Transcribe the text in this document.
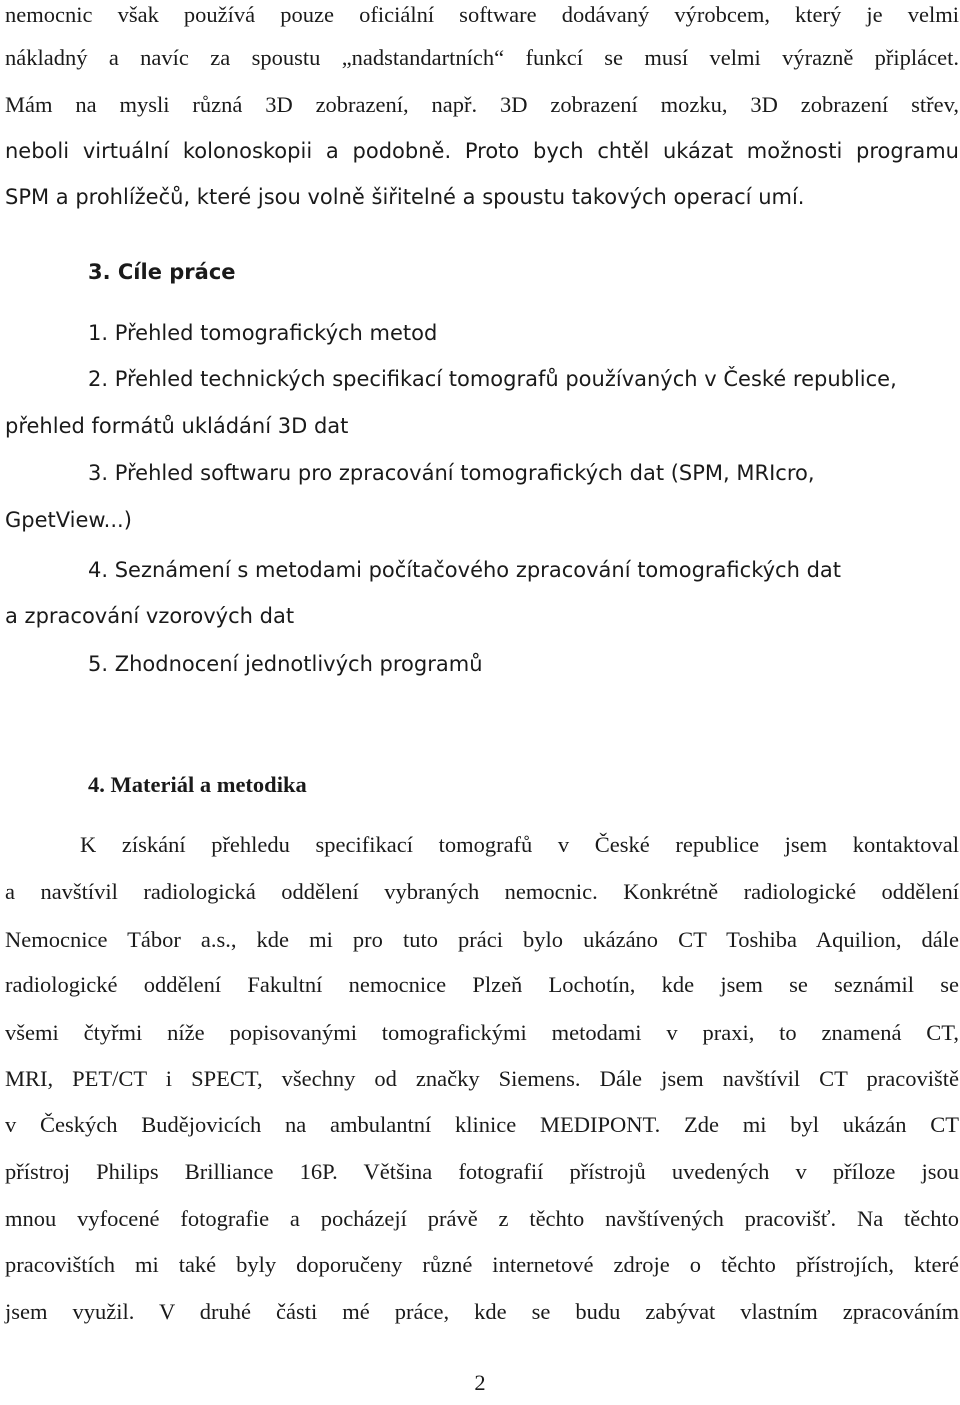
nemocnic však používá pouze oficiální software dodávaný výrobcem, který je velmi
nákladný a navíc za spoustu „nadstandartních“ funkcí se musí velmi výrazně připlácet.
Mám na mysli různá 3D zobrazení, např. 3D zobrazení mozku, 3D zobrazení střev,
neboli virtuální kolonoskopii a podobně. Proto bych chtěl ukázat možnosti programu
SPM a prohlížečů, které jsou volně šiřitelné a spoustu takových operací umí.
3. Cíle práce
1. Přehled tomografických metod
2. Přehled technických specifikací tomografů používaných v České republice,
přehled formátů ukládání 3D dat
3. Přehled softwaru pro zpracování tomografických dat (SPM, MRIcro,
GpetView...)
4. Seznámení s metodami počítačového zpracování tomografických dat
a zpracování vzorových dat
5. Zhodnocení jednotlivých programů
4. Materiál a metodika
K získání přehledu specifikací tomografů v České republice jsem kontaktoval
a navštívil radiologická oddělení vybraných nemocnic. Konkrétně radiologické oddělení
Nemocnice Tábor a.s., kde mi pro tuto práci bylo ukázáno CT Toshiba Aquilion, dále
radiologické oddělení Fakultní nemocnice Plzeň Lochotín, kde jsem se seznámil se
všemi čtyřmi níže popisovanými tomografickými metodami v praxi, to znamená CT,
MRI, PET/CT i SPECT, všechny od značky Siemens. Dále jsem navštívil CT pracoviště
v Českých Budějovicích na ambulantní klinice MEDIPONT. Zde mi byl ukázán CT
přístroj Philips Brilliance 16P. Většina fotografií přístrojů uvedených v příloze jsou
mnou vyfocené fotografie a pocházejí právě z těchto navštívených pracovišť. Na těchto
pracovištích mi také byly doporučeny různé internetové zdroje o těchto přístrojích, které
jsem využil. V druhé části mé práce, kde se budu zabývat vlastním zpracováním
2
